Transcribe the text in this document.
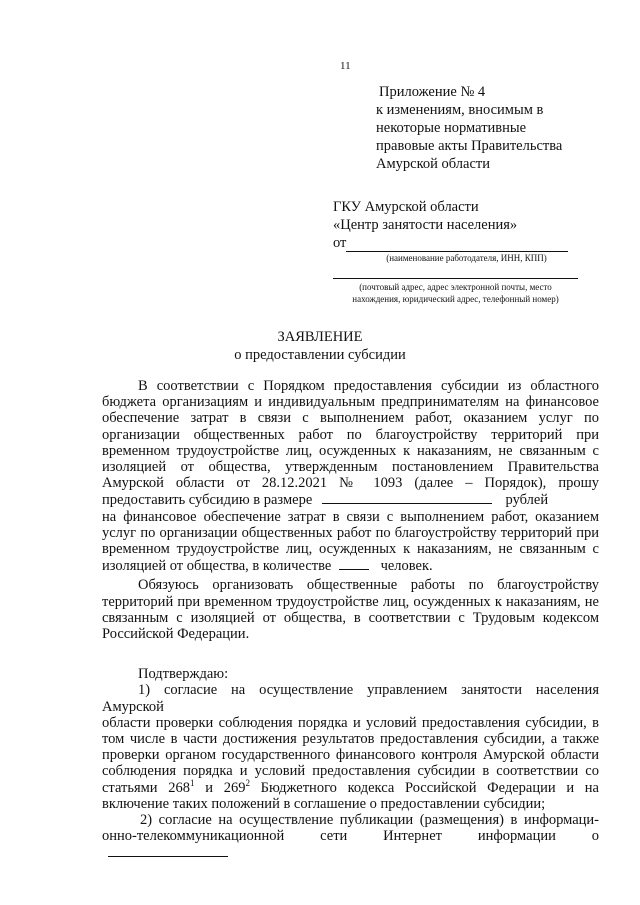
11
Приложение № 4
к изменениям, вносимым в
некоторые нормативные
правовые акты Правительства
Амурской области
ГКУ Амурской области
«Центр занятости населения»
от
(наименование работодателя, ИНН, КПП)
(почтовый адрес, адрес электронной почты, место
нахождения, юридический адрес, телефонный номер)
ЗАЯВЛЕНИЕ
о предоставлении субсидии

В соответствии с Порядком предоставления субсидии из областного

бюджета организациям и индивидуальным предпринимателям на финансовое

обеспечение затрат в связи с выполнением работ, оказанием услуг по

организации общественных работ по благоустройству территорий при

временном трудоустройстве лиц, осужденных к наказаниям, не связанным с

изоляцией от общества, утвержденным постановлением Правительства

Амурской области от 28.12.2021 № 1093 (далее – Порядок), прошу

предоставить субсидию в размере	рублей

на финансовое обеспечение затрат в связи с выполнением работ, оказанием

услуг по организации общественных работ по благоустройству территорий при

временном трудоустройстве лиц, осужденных к наказаниям, не связанным с

изоляцией от общества, в количестве	человек.

Обязуюсь организовать общественные работы по благоустройству

территорий при временном трудоустройстве лиц, осужденных к наказаниям, не

связанным с изоляцией от общества, в соответствии с Трудовым кодексом

Российской Федерации.

Подтверждаю:

1) согласие на осуществление управлением занятости населения Амурской

области проверки соблюдения порядка и условий предоставления субсидии, в

том числе в части достижения результатов предоставления субсидии, а также

проверки органом государственного финансового контроля Амурской области

соблюдения порядка и условий предоставления субсидии в соответствии со

статьями $268^1$ и $269^2$ Бюджетного кодекса Российской Федерации и на

включение таких положений в соглашение о предоставлении субсидии;

2) согласие на осуществление публикации (размещения) в информаци-

онно-телекоммуникационной сети Интернет информации о
